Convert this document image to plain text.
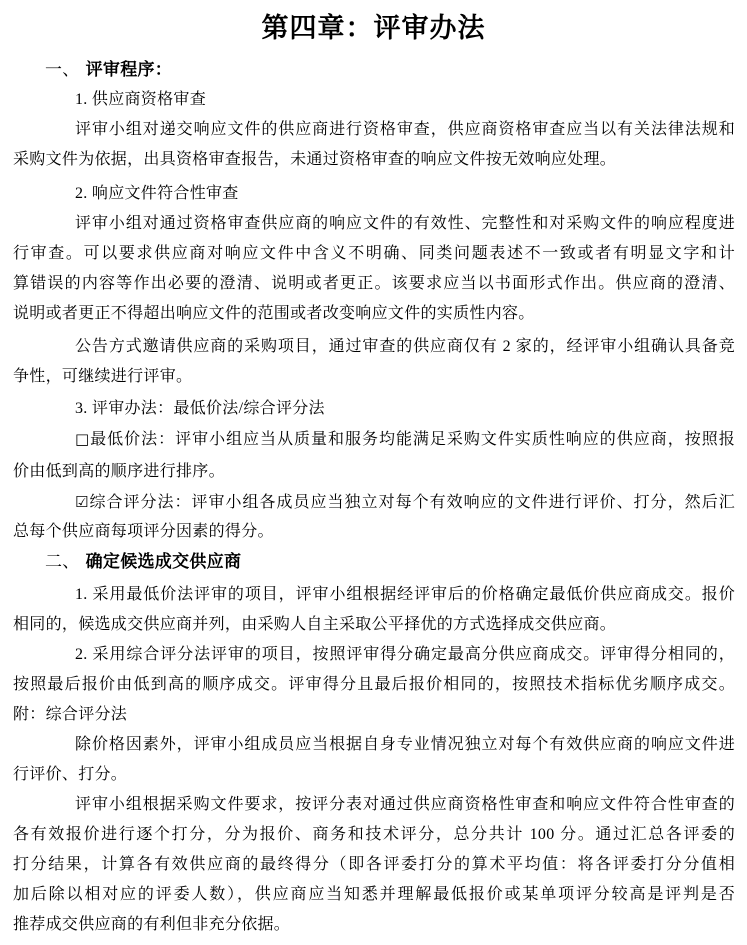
第四章：评审办法
一、 评审程序：
1. 供应商资格审查
评审小组对递交响应文件的供应商进行资格审查，供应商资格审查应当以有关法律法规和
采购文件为依据，出具资格审查报告，未通过资格审查的响应文件按无效响应处理。
2. 响应文件符合性审查
评审小组对通过资格审查供应商的响应文件的有效性、完整性和对采购文件的响应程度进
行审查。可以要求供应商对响应文件中含义不明确、同类问题表述不一致或者有明显文字和计
算错误的内容等作出必要的澄清、说明或者更正。该要求应当以书面形式作出。供应商的澄清、
说明或者更正不得超出响应文件的范围或者改变响应文件的实质性内容。
公告方式邀请供应商的采购项目，通过审查的供应商仅有 2 家的，经评审小组确认具备竞
争性，可继续进行评审。
3. 评审办法：最低价法/综合评分法
□最低价法：评审小组应当从质量和服务均能满足采购文件实质性响应的供应商，按照报
价由低到高的顺序进行排序。
☑综合评分法：评审小组各成员应当独立对每个有效响应的文件进行评价、打分，然后汇
总每个供应商每项评分因素的得分。
二、 确定候选成交供应商
1. 采用最低价法评审的项目，评审小组根据经评审后的价格确定最低价供应商成交。报价
相同的，候选成交供应商并列，由采购人自主采取公平择优的方式选择成交供应商。
2. 采用综合评分法评审的项目，按照评审得分确定最高分供应商成交。评审得分相同的，
按照最后报价由低到高的顺序成交。评审得分且最后报价相同的，按照技术指标优劣顺序成交。
附：综合评分法
除价格因素外，评审小组成员应当根据自身专业情况独立对每个有效供应商的响应文件进
行评价、打分。
评审小组根据采购文件要求，按评分表对通过供应商资格性审查和响应文件符合性审查的
各有效报价进行逐个打分，分为报价、商务和技术评分，总分共计 100 分。通过汇总各评委的
打分结果，计算各有效供应商的最终得分（即各评委打分的算术平均值：将各评委打分分值相
加后除以相对应的评委人数），供应商应当知悉并理解最低报价或某单项评分较高是评判是否
推荐成交供应商的有利但非充分依据。
